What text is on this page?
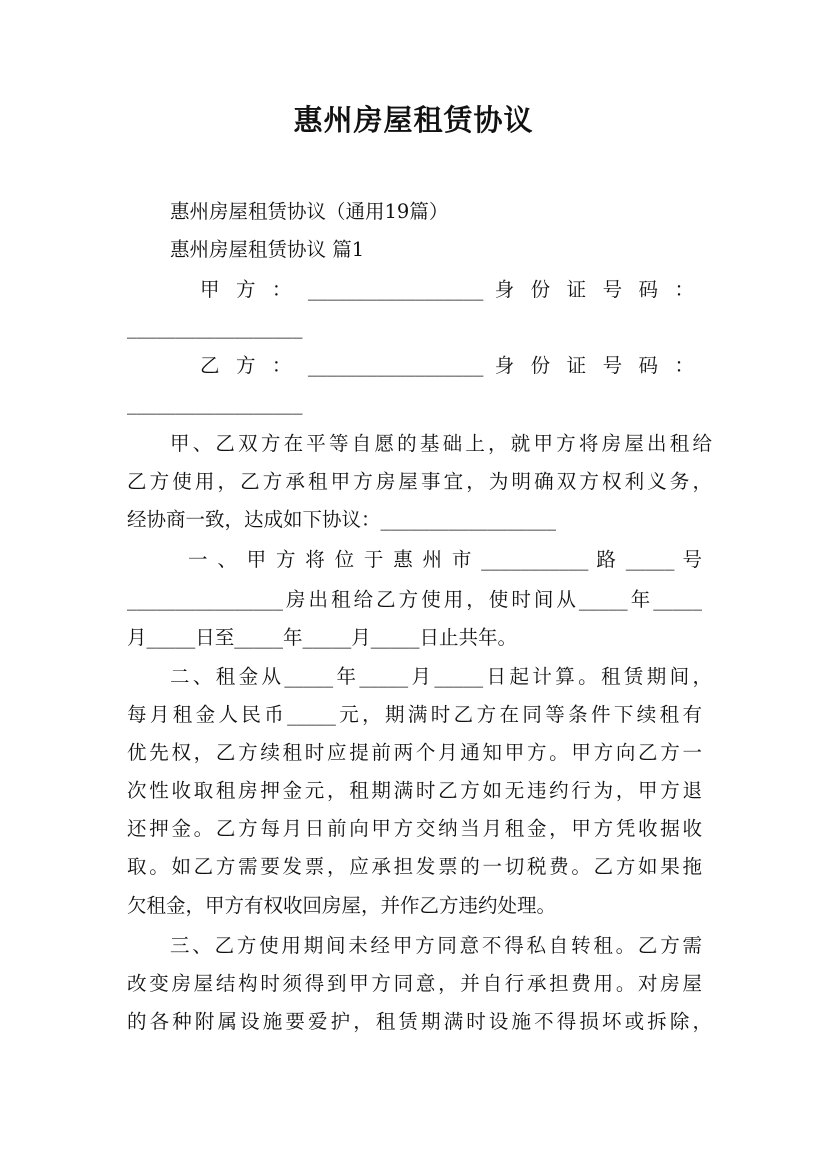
惠州房屋租赁协议
惠州房屋租赁协议（通用19篇）
惠州房屋租赁协议 篇1
甲 方 ： __________________ 身 份 证 号 码 ：
__________________
乙 方 ： __________________ 身 份 证 号 码 ：
__________________
甲、乙双方在平等自愿的基础上，就甲方将房屋出租给
乙方使用，乙方承租甲方房屋事宜，为明确双方权利义务，
经协商一致，达成如下协议：__________________
一 、 甲 方 将 位 于 惠 州 市 ___________ 路 _____ 号
________________房出租给乙方使用，使时间从_____年_____
月_____日至_____年_____月_____日止共年。
二、租金从_____年_____月_____日起计算。租赁期间，
每月租金人民币_____元，期满时乙方在同等条件下续租有
优先权，乙方续租时应提前两个月通知甲方。甲方向乙方一
次性收取租房押金元，租期满时乙方如无违约行为，甲方退
还押金。乙方每月日前向甲方交纳当月租金，甲方凭收据收
取。如乙方需要发票，应承担发票的一切税费。乙方如果拖
欠租金，甲方有权收回房屋，并作乙方违约处理。
三、乙方使用期间未经甲方同意不得私自转租。乙方需
改变房屋结构时须得到甲方同意，并自行承担费用。对房屋
的各种附属设施要爱护，租赁期满时设施不得损坏或拆除，
